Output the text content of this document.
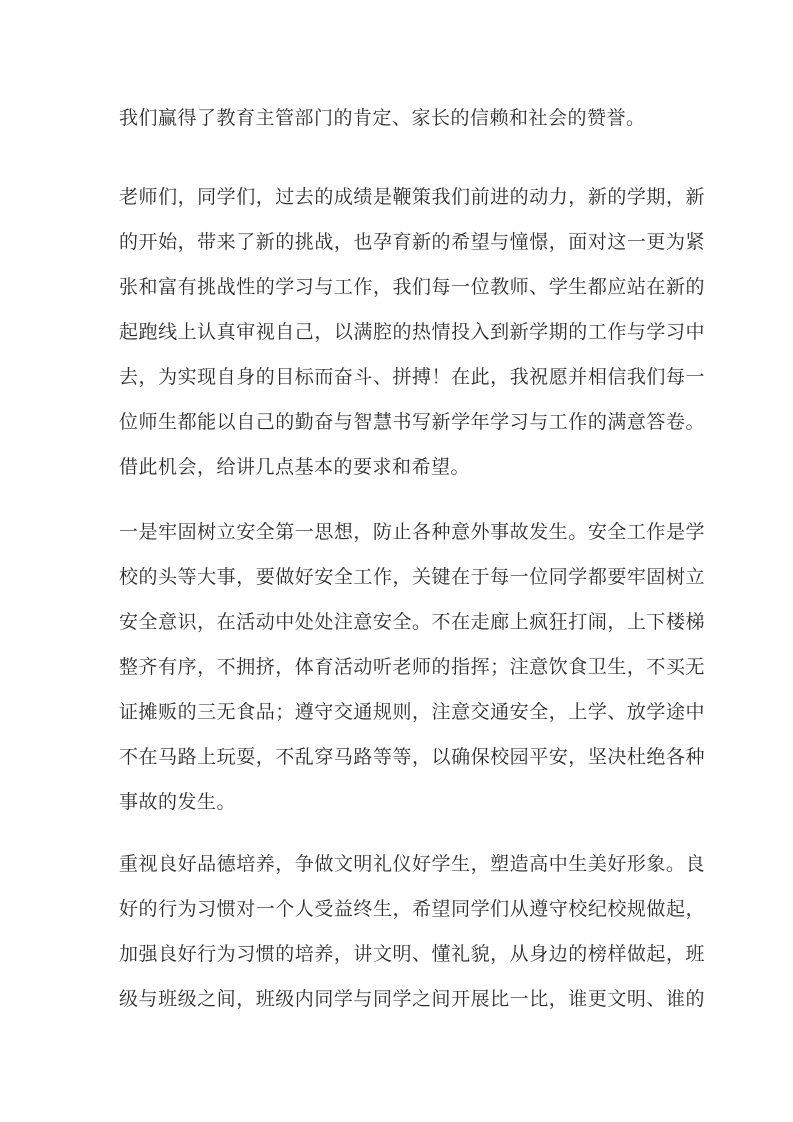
我们赢得了教育主管部门的肯定、家长的信赖和社会的赞誉。
老师们，同学们，过去的成绩是鞭策我们前进的动力，新的学期，新
的开始，带来了新的挑战，也孕育新的希望与憧憬，面对这一更为紧
张和富有挑战性的学习与工作，我们每一位教师、学生都应站在新的
起跑线上认真审视自己，以满腔的热情投入到新学期的工作与学习中
去，为实现自身的目标而奋斗、拼搏！在此，我祝愿并相信我们每一
位师生都能以自己的勤奋与智慧书写新学年学习与工作的满意答卷。
借此机会，给讲几点基本的要求和希望。
一是牢固树立安全第一思想，防止各种意外事故发生。安全工作是学
校的头等大事，要做好安全工作，关键在于每一位同学都要牢固树立
安全意识，在活动中处处注意安全。不在走廊上疯狂打闹，上下楼梯
整齐有序，不拥挤，体育活动听老师的指挥；注意饮食卫生，不买无
证摊贩的三无食品；遵守交通规则，注意交通安全，上学、放学途中
不在马路上玩耍，不乱穿马路等等，以确保校园平安，坚决杜绝各种
事故的发生。
重视良好品德培养，争做文明礼仪好学生，塑造高中生美好形象。良
好的行为习惯对一个人受益终生，希望同学们从遵守校纪校规做起，
加强良好行为习惯的培养，讲文明、懂礼貌，从身边的榜样做起，班
级与班级之间，班级内同学与同学之间开展比一比，谁更文明、谁的
